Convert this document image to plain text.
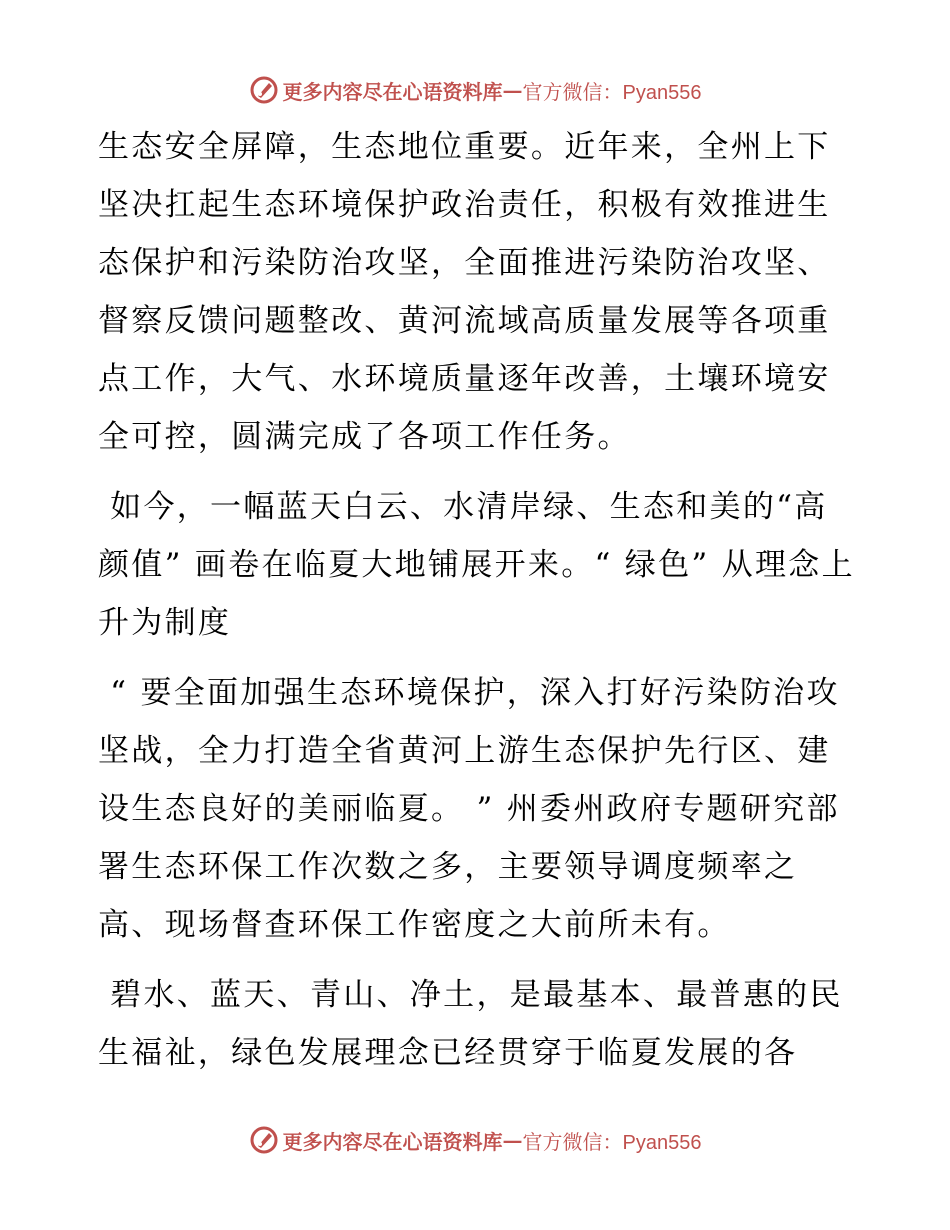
更多内容尽在心语资料库 — 官方微信：Pyan556

生态安全屏障，生态地位重要。近年来，全州上下坚决扛起生态环境保护政治责任，积极有效推进生态保护和污染防治攻坚，全面推进污染防治攻坚、督察反馈问题整改、黄河流域高质量发展等各项重点工作，大气、水环境质量逐年改善，土壤环境安全可控，圆满完成了各项工作任务。

如今，一幅蓝天白云、水清岸绿、生态和美的“高颜值” 画卷在临夏大地铺展开来。“ 绿色” 从理念上升为制度

“ 要全面加强生态环境保护，深入打好污染防治攻坚战，全力打造全省黄河上游生态保护先行区、建设生态良好的美丽临夏。 ” 州委州政府专题研究部署生态环保工作次数之多，主要领导调度频率之高、现场督查环保工作密度之大前所未有。

碧水、蓝天、青山、净土，是最基本、最普惠的民生福祉，绿色发展理念已经贯穿于临夏发展的各

更多内容尽在心语资料库 — 官方微信：Pyan556
